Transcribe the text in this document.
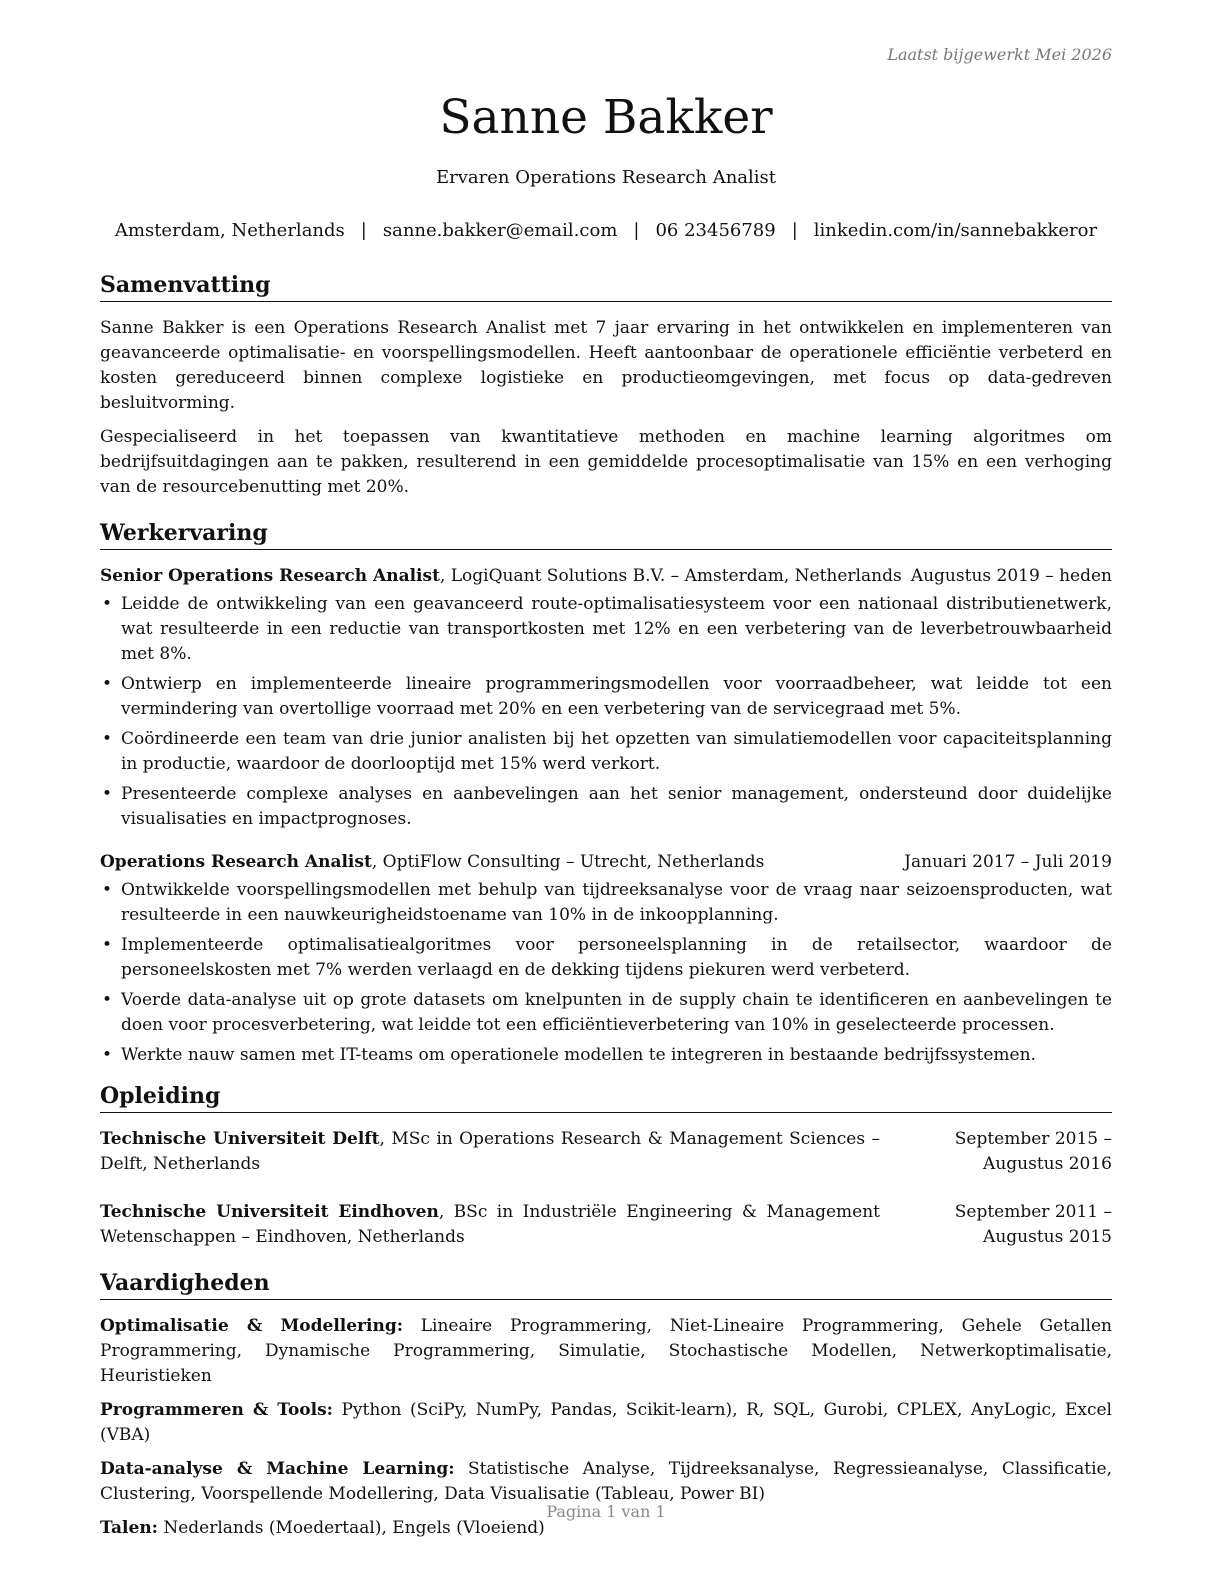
Laatst bijgewerkt Mei 2026
Sanne Bakker
Ervaren Operations Research Analist
Amsterdam, Netherlands | sanne.bakker@email.com | 06 23456789 | linkedin.com/in/sannebakkeror
Samenvatting

Sanne Bakker is een Operations Research Analist met 7 jaar ervaring in het ontwikkelen en implementeren van geavanceerde optimalisatie- en voorspellingsmodellen. Heeft aantoonbaar de operationele efficiëntie verbeterd en kosten gereduceerd binnen complexe logistieke en productieomgevingen, met focus op data-gedreven besluitvorming.

Gespecialiseerd in het toepassen van kwantitatieve methoden en machine learning algoritmes om bedrijfsuitdagingen aan te pakken, resulterend in een gemiddelde procesoptimalisatie van 15% en een verhoging van de resourcebenutting met 20%.

Werkervaring
Senior Operations Research Analist, LogiQuant Solutions B.V. – Amsterdam, Netherlands Augustus 2019 – heden
• Leidde de ontwikkeling van een geavanceerd route-optimalisatiesysteem voor een nationaal distributienetwerk, wat resulteerde in een reductie van transportkosten met 12% en een verbetering van de leverbetrouwbaarheid met 8%.
• Ontwierp en implementeerde lineaire programmeringsmodellen voor voorraadbeheer, wat leidde tot een vermindering van overtollige voorraad met 20% en een verbetering van de servicegraad met 5%.
• Coördineerde een team van drie junior analisten bij het opzetten van simulatiemodellen voor capaciteitsplanning in productie, waardoor de doorlooptijd met 15% werd verkort.
• Presenteerde complexe analyses en aanbevelingen aan het senior management, ondersteund door duidelijke visualisaties en impactprognoses.
Operations Research Analist, OptiFlow Consulting – Utrecht, Netherlands	Januari 2017 – Juli 2019
• Ontwikkelde voorspellingsmodellen met behulp van tijdreeksanalyse voor de vraag naar seizoensproducten, wat resulteerde in een nauwkeurigheidstoename van 10% in de inkoopplanning.
• Implementeerde optimalisatiealgoritmes voor personeelsplanning in de retailsector, waardoor de personeelskosten met 7% werden verlaagd en de dekking tijdens piekuren werd verbeterd.
• Voerde data-analyse uit op grote datasets om knelpunten in de supply chain te identificeren en aanbevelingen te doen voor procesverbetering, wat leidde tot een efficiëntieverbetering van 10% in geselecteerde processen.
• Werkte nauw samen met IT-teams om operationele modellen te integreren in bestaande bedrijfssystemen.
Opleiding
Technische Universiteit Delft, MSc in Operations Research & Management Sciences – Delft, Netherlands
September 2015 – Augustus 2016
Technische Universiteit Eindhoven, BSc in Industriële Engineering & Management Wetenschappen – Eindhoven, Netherlands
September 2011 – Augustus 2015
Vaardigheden

Optimalisatie & Modellering: Lineaire Programmering, Niet-Lineaire Programmering, Gehele Getallen Programmering, Dynamische Programmering, Simulatie, Stochastische Modellen, Netwerkoptimalisatie, Heuristieken

Programmeren & Tools: Python (SciPy, NumPy, Pandas, Scikit-learn), R, SQL, Gurobi, CPLEX, AnyLogic, Excel (VBA)

Data-analyse & Machine Learning: Statistische Analyse, Tijdreeksanalyse, Regressieanalyse, Classificatie, Clustering, Voorspellende Modellering, Data Visualisatie (Tableau, Power BI)

Talen: Nederlands (Moedertaal), Engels (Vloeiend)

Pagina 1 van 1
